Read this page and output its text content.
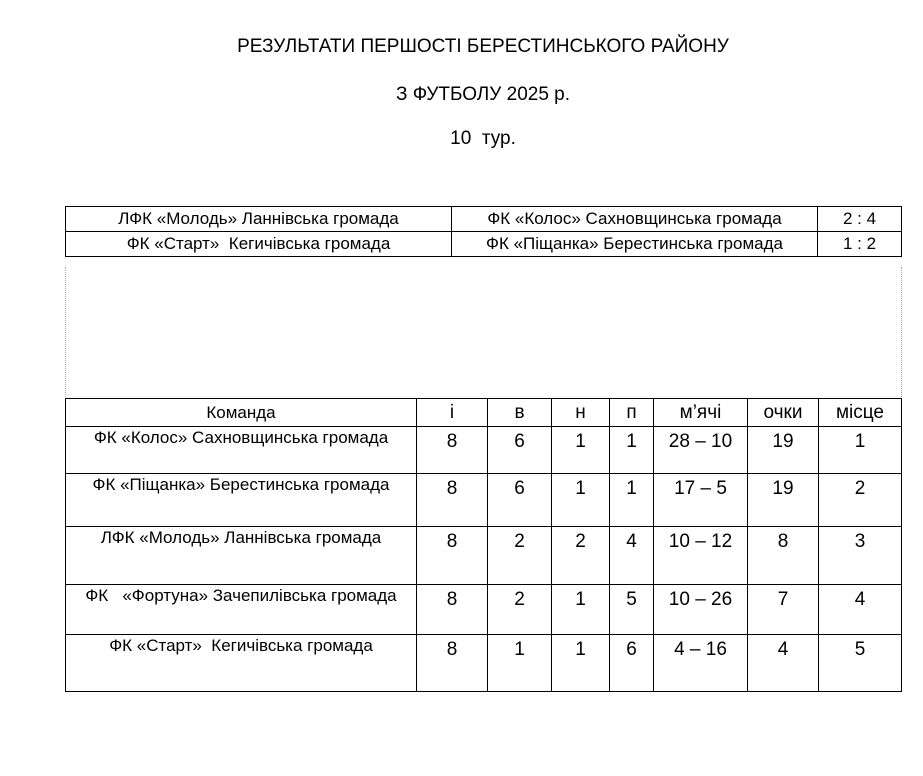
РЕЗУЛЬТАТИ ПЕРШОСТІ БЕРЕСТИНСЬКОГО РАЙОНУ
З ФУТБОЛУ 2025 р.
10  тур.
ЛФК «Молодь» Ланнівська громада	ФК «Колос» Сахновщинська громада	2 : 4
ФК «Старт»  Кегичівська громада	ФК «Піщанка» Берестинська громада	1 : 2
Команда	і	в	н	п	м’ячі	очки	місце
ФК «Колос» Сахновщинська громада	8	6	1	1	28 – 10	19	1
ФК «Піщанка» Берестинська громада	8	6	1	1	17 – 5	19	2
ЛФК «Молодь» Ланнівська громада	8	2	2	4	10 – 12	8	3
ФК   «Фортуна» Зачепилівська громада	8	2	1	5	10 – 26	7	4
ФК «Старт»  Кегичівська громада	8	1	1	6	4 – 16	4	5
